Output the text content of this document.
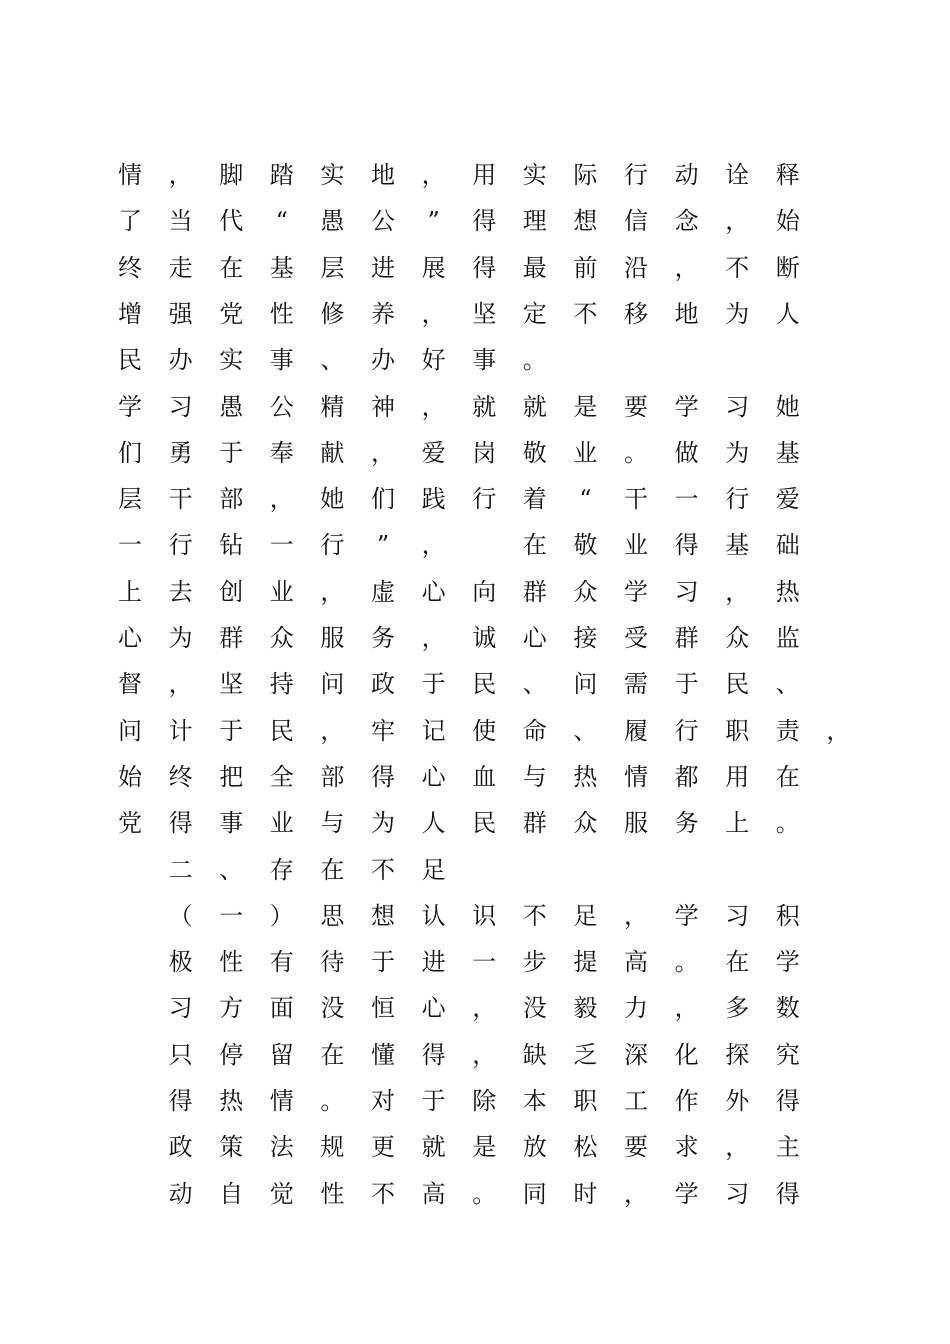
情	，	脚	踏	实	地	，	用	实	际	行	动	诠	释
了	当	代	“	愚	公	”	得	理	想	信	念	，	始
终	走	在	基	层	进	展	得	最	前	沿	，	不	断
增	强	党	性	修	养	，	坚	定	不	移	地	为	人
民	办	实	事	、	办	好	事	。
学	习	愚	公	精	神	，	就	就	是	要	学	习	她
们	勇	于	奉	献	，	爱	岗	敬	业	。	做	为	基
层	干	部	，	她	们	践	行	着	“	干	一	行	爱
一	行	钻	一	行	”	，
　	在	敬	业	得	基	础
上	去	创	业	，	虚	心	向	群	众	学	习	，	热
心	为	群	众	服	务	，	诚	心	接	受	群	众	监
督	，	坚	持	问	政	于	民	、	问	需	于	民	、
问	计	于	民	，	牢	记	使	命	、	履	行	职	责	，
始	终	把	全	部	得	心	血	与	热	情	都	用	在
党	得	事	业	与	为	人	民	群	众	服	务	上	。

二	、	存	在	不	足

（	一	）	思	想	认	识	不	足	，	学	习	积

极	性	有	待	于	进	一	步	提	高	。	在	学

习	方	面	没	恒	心	，	没	毅	力	，	多	数

只	停	留	在	懂	得	，	缺	乏	深	化	探	究

得	热	情	。	对	于	除	本	职	工	作	外	得

政	策	法	规	更	就	是	放	松	要	求	，	主

动	自	觉	性	不	高	。	同	时	，	学	习	得
